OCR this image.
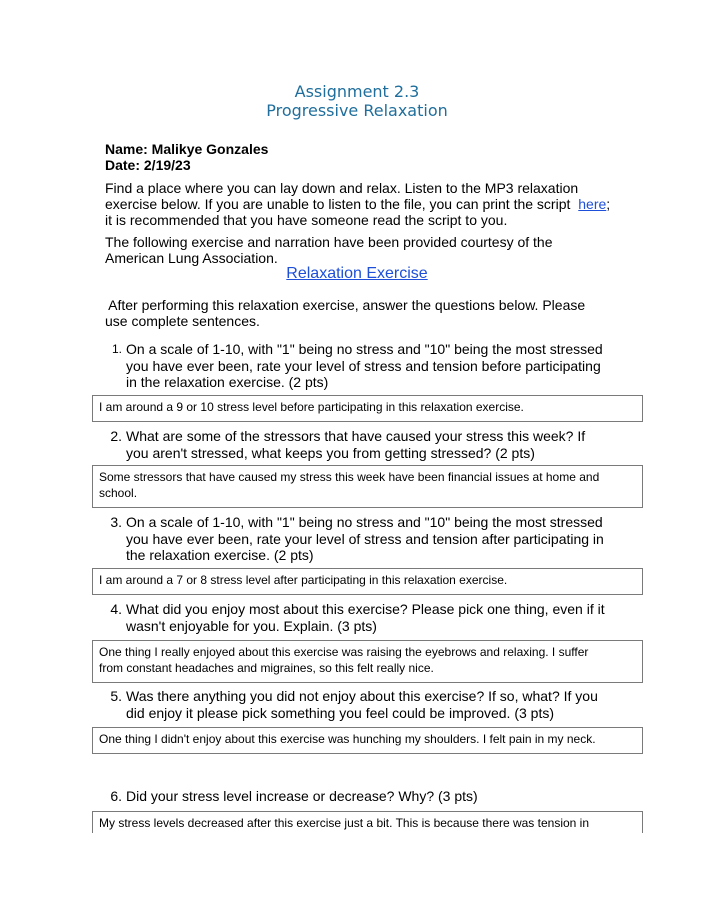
Assignment 2.3
Progressive Relaxation
Name: Malikye Gonzales
Date: 2/19/23
Find a place where you can lay down and relax. Listen to the MP3 relaxation
exercise below. If you are unable to listen to the file, you can print the script here;
it is recommended that you have someone read the script to you.
The following exercise and narration have been provided courtesy of the
American Lung Association.
Relaxation Exercise
After performing this relaxation exercise, answer the questions below. Please
use complete sentences.
1. On a scale of 1-10, with "1" being no stress and "10" being the most stressed
you have ever been, rate your level of stress and tension before participating
in the relaxation exercise. (2 pts)
I am around a 9 or 10 stress level before participating in this relaxation exercise.
2. What are some of the stressors that have caused your stress this week? If
you aren't stressed, what keeps you from getting stressed? (2 pts)
Some stressors that have caused my stress this week have been financial issues at home and
school.
3. On a scale of 1-10, with "1" being no stress and "10" being the most stressed
you have ever been, rate your level of stress and tension after participating in
the relaxation exercise. (2 pts)
I am around a 7 or 8 stress level after participating in this relaxation exercise.
4. What did you enjoy most about this exercise? Please pick one thing, even if it
wasn't enjoyable for you. Explain. (3 pts)
One thing I really enjoyed about this exercise was raising the eyebrows and relaxing. I suffer
from constant headaches and migraines, so this felt really nice.
5. Was there anything you did not enjoy about this exercise? If so, what? If you
did enjoy it please pick something you feel could be improved. (3 pts)
One thing I didn't enjoy about this exercise was hunching my shoulders. I felt pain in my neck.
6. Did your stress level increase or decrease? Why? (3 pts)
My stress levels decreased after this exercise just a bit. This is because there was tension in
